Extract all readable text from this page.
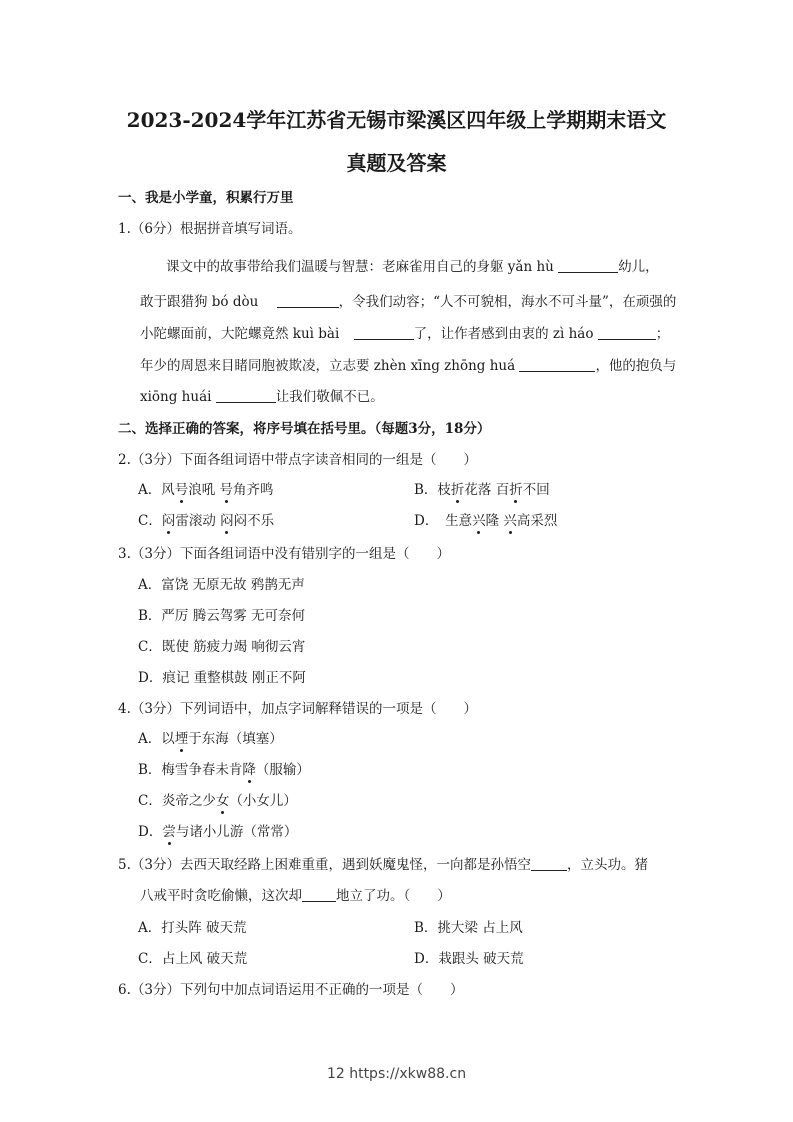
2023-2024学年江苏省无锡市梁溪区四年级上学期期末语文
真题及答案
一、我是小学童，积累行万里
1.（6分）根据拼音填写词语。
课文中的故事带给我们温暖与智慧：老麻雀用自己的身躯 yǎn hù	幼儿，
敢于跟猎狗 bó dòu	，令我们动容；“人不可貌相，海水不可斗量”，在顽强的
小陀螺面前，大陀螺竟然 kuì bài	了，让作者感到由衷的 zì háo	；
年少的周恩来目睹同胞被欺凌，立志要 zhèn xīng zhōng huá	，他的抱负与
xiōng huái	让我们敬佩不已。
二、选择正确的答案，将序号填在括号里。（每题3分，18分）
2.（3分）下面各组词语中带点字读音相同的一组是（　　）
A．风号浪吼 号角齐鸣	B．枝折花落 百折不回
C．闷雷滚动 闷闷不乐	D．　生意兴隆 兴高采烈
3.（3分）下面各组词语中没有错别字的一组是（　　）
A．富饶 无原无故 鸦鹊无声
B．严厉 腾云驾雾 无可奈何
C．既使 筋疲力竭 响彻云宵
D．痕记 重整棋鼓 刚正不阿
4.（3分）下列词语中，加点字词解释错误的一项是（　　）
A．以堙于东海（填塞）
B．梅雪争春未肯降（服输）
C．炎帝之少女（小女儿）
D．尝与诸小儿游（常常）
5.（3分）去西天取经路上困难重重，遇到妖魔鬼怪，一向都是孙悟空	，立头功。猪
八戒平时贪吃偷懒，这次却	地立了功。（　　）
A．打头阵 破天荒	B．挑大梁 占上风
C．占上风 破天荒	D．栽跟头 破天荒
6.（3分）下列句中加点词语运用不正确的一项是（　　）
12 https://xkw88.cn
